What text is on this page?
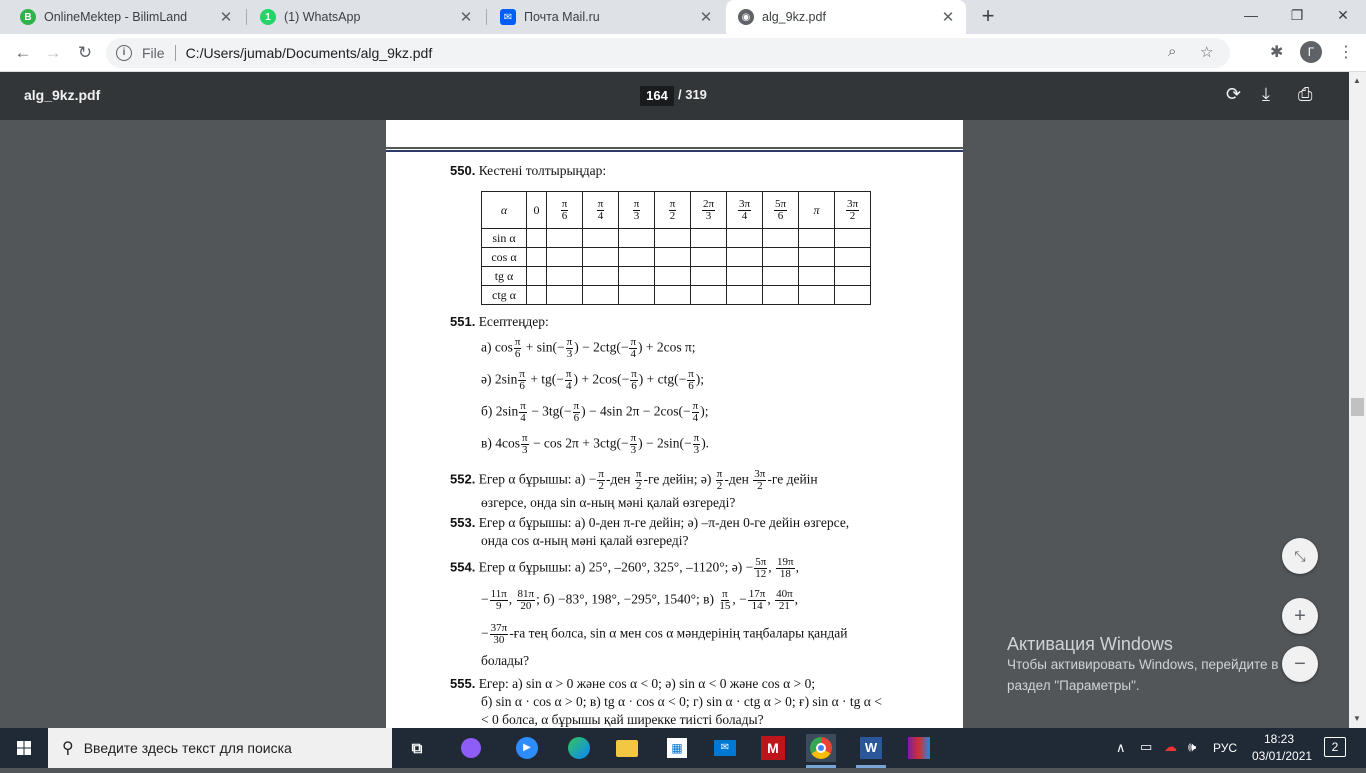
B OnlineMektep - BilimLand	✕	1	(1) WhatsApp	✕	✉ Почта Mail.ru	✕	◉ alg_9kz.pdf	✕ +	—	❐	✕
← → ↻	i	File C:/Users/jumab/Documents/alg_9kz.pdf	⌕ ☆	✱	⋮
Г
alg_9kz.pdf	164 / 319	⟳ ⤓ ⎙
550. Кестені толтырыңдар:
α	0	$\frac{\pi}{6}$	$\frac{\pi}{4}$	$\frac{\pi}{3}$	$\frac{\pi}{2}$	$\frac{2\pi}{3}$	$\frac{3\pi}{4}$	$\frac{5\pi}{6}$	π	$\frac{3\pi}{2}$

sin α										
cos α										
tg α										
ctg α										
551. Есептеңдер:
а) $\cos \frac{\pi}{6} + \sin(- \frac{\pi}{3}$ ) − $2ctg(- \frac{\pi}{4}$ ) + 2cos π;
ә) $2\sin \frac{\pi}{6} + tg(- \frac{\pi}{4}$ ) + $2\cos(- \frac{\pi}{6}$ ) + $ctg(- \frac{\pi}{6}$ );
б) $2\sin \frac{\pi}{4} - 3tg(- \frac{\pi}{6}$ ) − 4sin $2\pi - 2\cos(- \frac{\pi}{4}$ );
в) $4\cos \frac{\pi}{3} - \cos 2\pi + 3ctg(- \frac{\pi}{3}$ ) − $2\sin(- \frac{\pi}{3}$ ).
552. Егер α бұрышы: $а) - \frac{\pi}{2} -ден \frac{\pi}{2} -ге$ дейін; $ә) \frac{\pi}{2} -ден \frac{3\pi}{2} -ге$ дейін
өзгерсе, онда sin α-ның мәні қалай өзгереді?
553. Егер α бұрышы: а) 0-ден π-ге дейін; ә) –π-ден 0-ге дейін өзгерсе,
онда cos α-ның мәні қалай өзгереді?
554. Егер α бұрышы: а) 25°, –260°, 325°, –1120°; $ә) - \frac{5\pi}{12}$ , $\frac{19\pi}{18}$ ,
− $\frac{11\pi}{9}$ , $\frac{81\pi}{20}$ ; б) −83°, 198°, −295°, 1540°; $в) \frac{\pi}{15}$ , − $\frac{17\pi}{14}$ , $\frac{40\pi}{21}$ ,
− $\frac{37\pi}{30} -ға$ тең болса, sin α мен cos α мәндерінің таңбалары қандай
болады?
555. Егер: а) sin α > 0 және cos α < 0; ә) sin α < 0 және cos α > 0;
б) sin α · cos α > 0; в) tg α · cos α < 0; г) sin α · ctg α > 0; ғ) sin α · tg α <
< 0 болса, α бұрышы қай ширекке тиісті болады?
▲
▼
⤡
+
−
Активация Windows
Чтобы активировать Windows, перейдите в
раздел "Параметры".
⚲ Введите здесь текст для поиска	⧉	▶	▦	✉	M	W	∧ ▭ ☁ 🕪 РУС
18:23
03/01/2021
2
